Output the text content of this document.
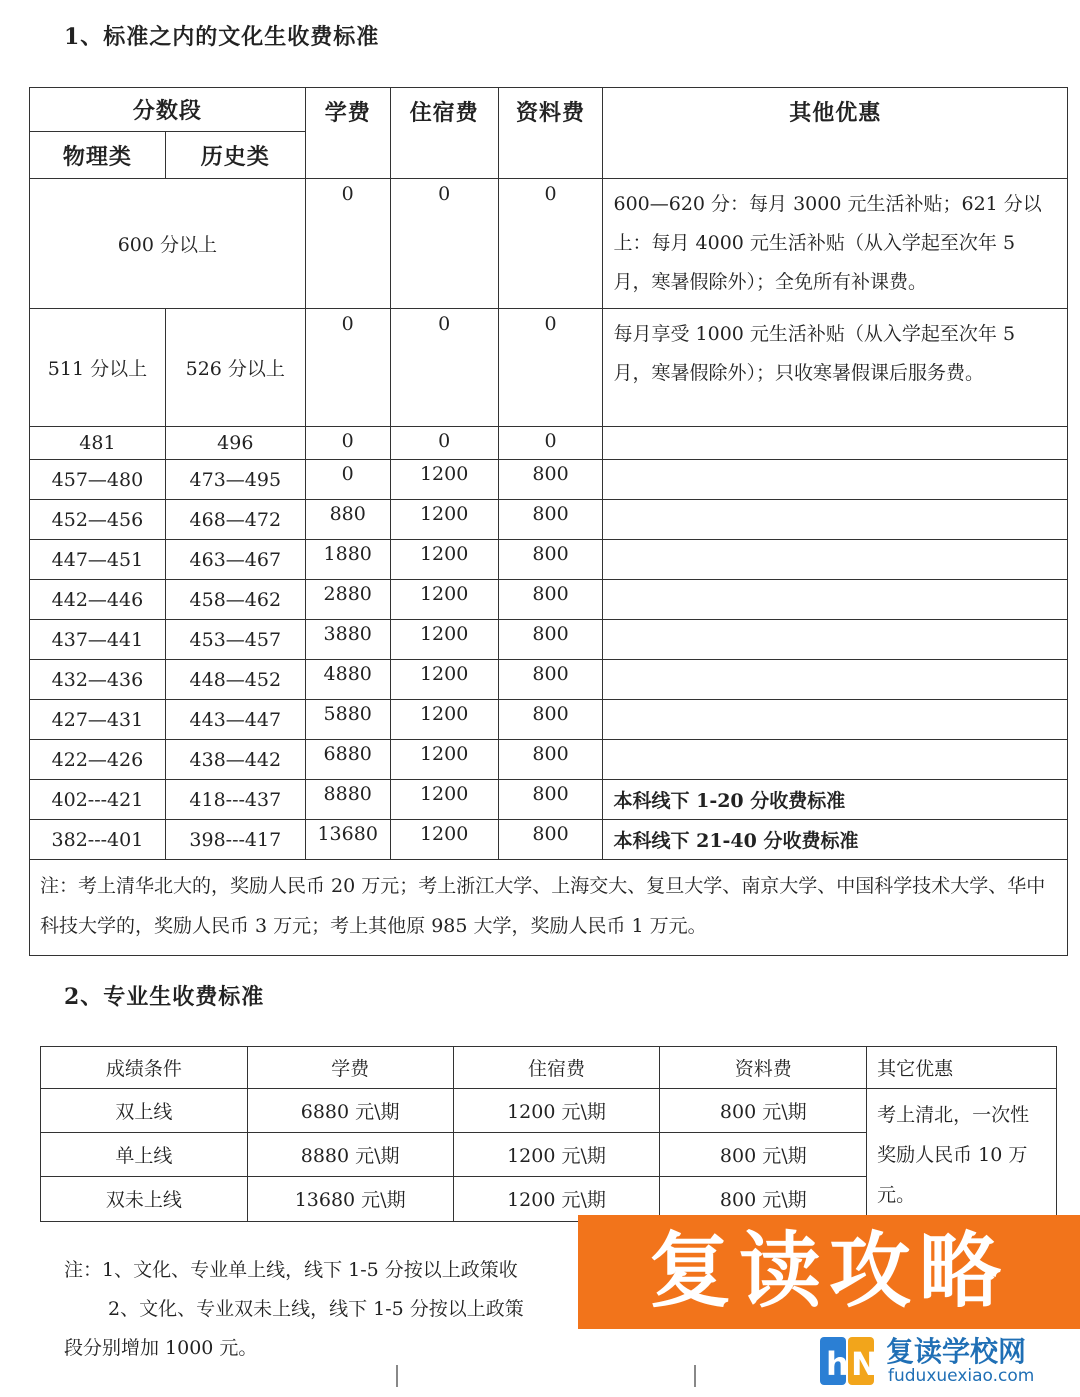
1、标准之内的文化生收费标准
分数段		学费	住宿费	资料费	其他优惠
物理类	历史类				
600 分以上		0	0	0	600—620 分：每月 3000 元生活补贴；621 分以上：每月 4000 元生活补贴（从入学起至次年 5 月，寒暑假除外）；全免所有补课费。
511 分以上	526 分以上	0	0	0	每月享受 1000 元生活补贴（从入学起至次年 5 月，寒暑假除外）；只收寒暑假课后服务费。
481	496	0	0	0	
457—480	473—495	0	1200	800	
452—456	468—472	880	1200	800	
447—451	463—467	1880	1200	800	
442—446	458—462	2880	1200	800	
437—441	453—457	3880	1200	800	
432—436	448—452	4880	1200	800	
427—431	443—447	5880	1200	800	
422—426	438—442	6880	1200	800	
402---421	418---437	8880	1200	800	本科线下 1-20 分收费标准
382---401	398---417	13680	1200	800	本科线下 21-40 分收费标准
注：考上清华北大的，奖励人民币 20 万元；考上浙江大学、上海交大、复旦大学、南京大学、中国科学技术大学、华中科技大学的，奖励人民币 3 万元；考上其他原 985 大学，奖励人民币 1 万元。					
2、专业生收费标准
成绩条件	学费	住宿费	资料费	其它优惠
双上线	6880 元\期	1200 元\期	800 元\期	考上清北，一次性奖励人民币 10 万元。
单上线	8880 元\期	1200 元\期	800 元\期	
双未上线	13680 元\期	1200 元\期	800 元\期	
注：1、文化、专业单上线，线下 1-5 分按以上政策收
2、文化、专业双未上线，线下 1-5 分按以上政策
段分别增加 1000 元。
复读攻略
h N 复读学校网
fuduxuexiao.com
